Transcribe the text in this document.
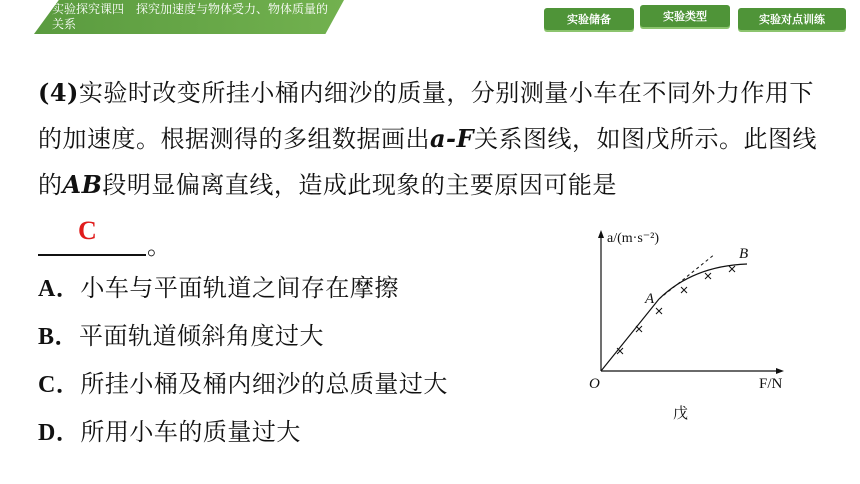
实验探究课四　探究加速度与物体受力、物体质量的关系	实验储备	实验类型	实验对点训练
(4)实验时改变所挂小桶内细沙的质量，分别测量小车在不同外力作用下的加速度。根据测得的多组数据画出a-F关系图线，如图戊所示。此图线的AB段明显偏离直线，造成此现象的主要原因可能是
C
。
A．小车与平面轨道之间存在摩擦
B．平面轨道倾斜角度过大
C．所挂小桶及桶内细沙的总质量过大
D．所用小车的质量过大
a/(m·s⁻²)
F/N
O
A
B
戊
